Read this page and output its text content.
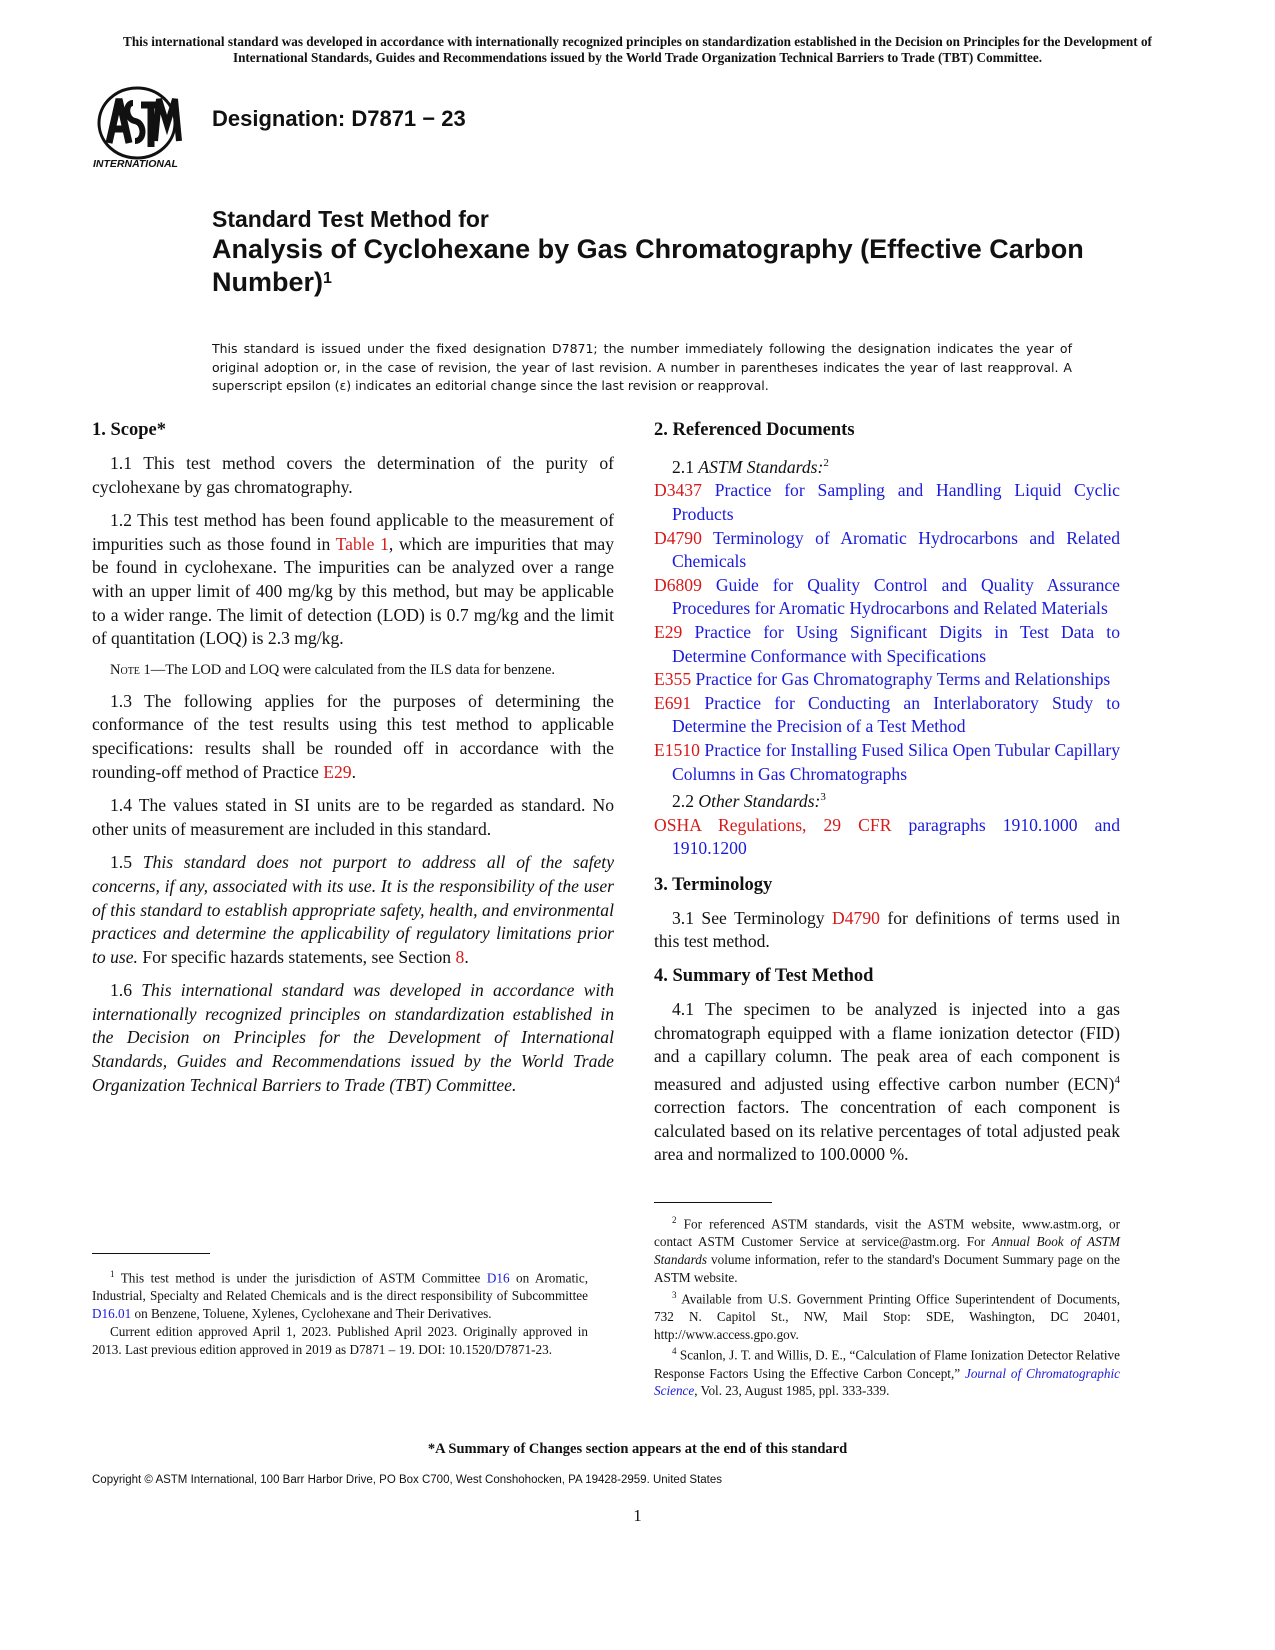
This international standard was developed in accordance with internationally recognized principles on standardization established in the Decision on Principles for the Development of International Standards, Guides and Recommendations issued by the World Trade Organization Technical Barriers to Trade (TBT) Committee.
INTERNATIONAL
Designation: D7871 − 23
Standard Test Method for
Analysis of Cyclohexane by Gas Chromatography (Effective Carbon Number)$^1$
This standard is issued under the fixed designation D7871; the number immediately following the designation indicates the year of original adoption or, in the case of revision, the year of last revision. A number in parentheses indicates the year of last reapproval. A superscript epsilon (ε) indicates an editorial change since the last revision or reapproval.
1. Scope*

1.1 This test method covers the determination of the purity of cyclohexane by gas chromatography.

1.2 This test method has been found applicable to the measurement of impurities such as those found in Table 1, which are impurities that may be found in cyclohexane. The impurities can be analyzed over a range with an upper limit of 400 mg/kg by this method, but may be applicable to a wider range. The limit of detection (LOD) is 0.7 mg/kg and the limit of quantitation (LOQ) is 2.3 mg/kg.

Note 1—The LOD and LOQ were calculated from the ILS data for benzene.

1.3 The following applies for the purposes of determining the conformance of the test results using this test method to applicable specifications: results shall be rounded off in accordance with the rounding-off method of Practice E29.

1.4 The values stated in SI units are to be regarded as standard. No other units of measurement are included in this standard.

1.5 This standard does not purport to address all of the safety concerns, if any, associated with its use. It is the responsibility of the user of this standard to establish appropriate safety, health, and environmental practices and determine the applicability of regulatory limitations prior to use. For specific hazards statements, see Section 8.

1.6 This international standard was developed in accordance with internationally recognized principles on standardization established in the Decision on Principles for the Development of International Standards, Guides and Recommendations issued by the World Trade Organization Technical Barriers to Trade (TBT) Committee.

$^1$ This test method is under the jurisdiction of ASTM Committee D16 on Aromatic, Industrial, Specialty and Related Chemicals and is the direct responsibility of Subcommittee D16.01 on Benzene, Toluene, Xylenes, Cyclohexane and Their Derivatives.

Current edition approved April 1, 2023. Published April 2023. Originally approved in 2013. Last previous edition approved in 2019 as D7871 – 19. DOI: 10.1520/D7871-23.

2. Referenced Documents
2.1 ASTM Standards:$^2$
D3437 Practice for Sampling and Handling Liquid Cyclic Products
D4790 Terminology of Aromatic Hydrocarbons and Related Chemicals
D6809 Guide for Quality Control and Quality Assurance Procedures for Aromatic Hydrocarbons and Related Materials
E29 Practice for Using Significant Digits in Test Data to Determine Conformance with Specifications
E355 Practice for Gas Chromatography Terms and Relationships
E691 Practice for Conducting an Interlaboratory Study to Determine the Precision of a Test Method
E1510 Practice for Installing Fused Silica Open Tubular Capillary Columns in Gas Chromatographs
2.2 Other Standards:$^3$
OSHA Regulations, 29 CFR paragraphs 1910.1000 and 1910.1200
3. Terminology

3.1 See Terminology D4790 for definitions of terms used in this test method.

4. Summary of Test Method

4.1 The specimen to be analyzed is injected into a gas chromatograph equipped with a flame ionization detector (FID) and a capillary column. The peak area of each component is measured and adjusted using effective carbon number (ECN)$^4$ correction factors. The concentration of each component is calculated based on its relative percentages of total adjusted peak area and normalized to 100.0000 %.

$^2$ For referenced ASTM standards, visit the ASTM website, www.astm.org, or contact ASTM Customer Service at service@astm.org. For Annual Book of ASTM Standards volume information, refer to the standard's Document Summary page on the ASTM website.

$^3$ Available from U.S. Government Printing Office Superintendent of Documents, 732 N. Capitol St., NW, Mail Stop: SDE, Washington, DC 20401, http://www.access.gpo.gov.

$^4$ Scanlon, J. T. and Willis, D. E., “Calculation of Flame Ionization Detector Relative Response Factors Using the Effective Carbon Concept,” Journal of Chromatographic Science, Vol. 23, August 1985, ppl. 333-339.

*A Summary of Changes section appears at the end of this standard
Copyright © ASTM International, 100 Barr Harbor Drive, PO Box C700, West Conshohocken, PA 19428-2959. United States
1
